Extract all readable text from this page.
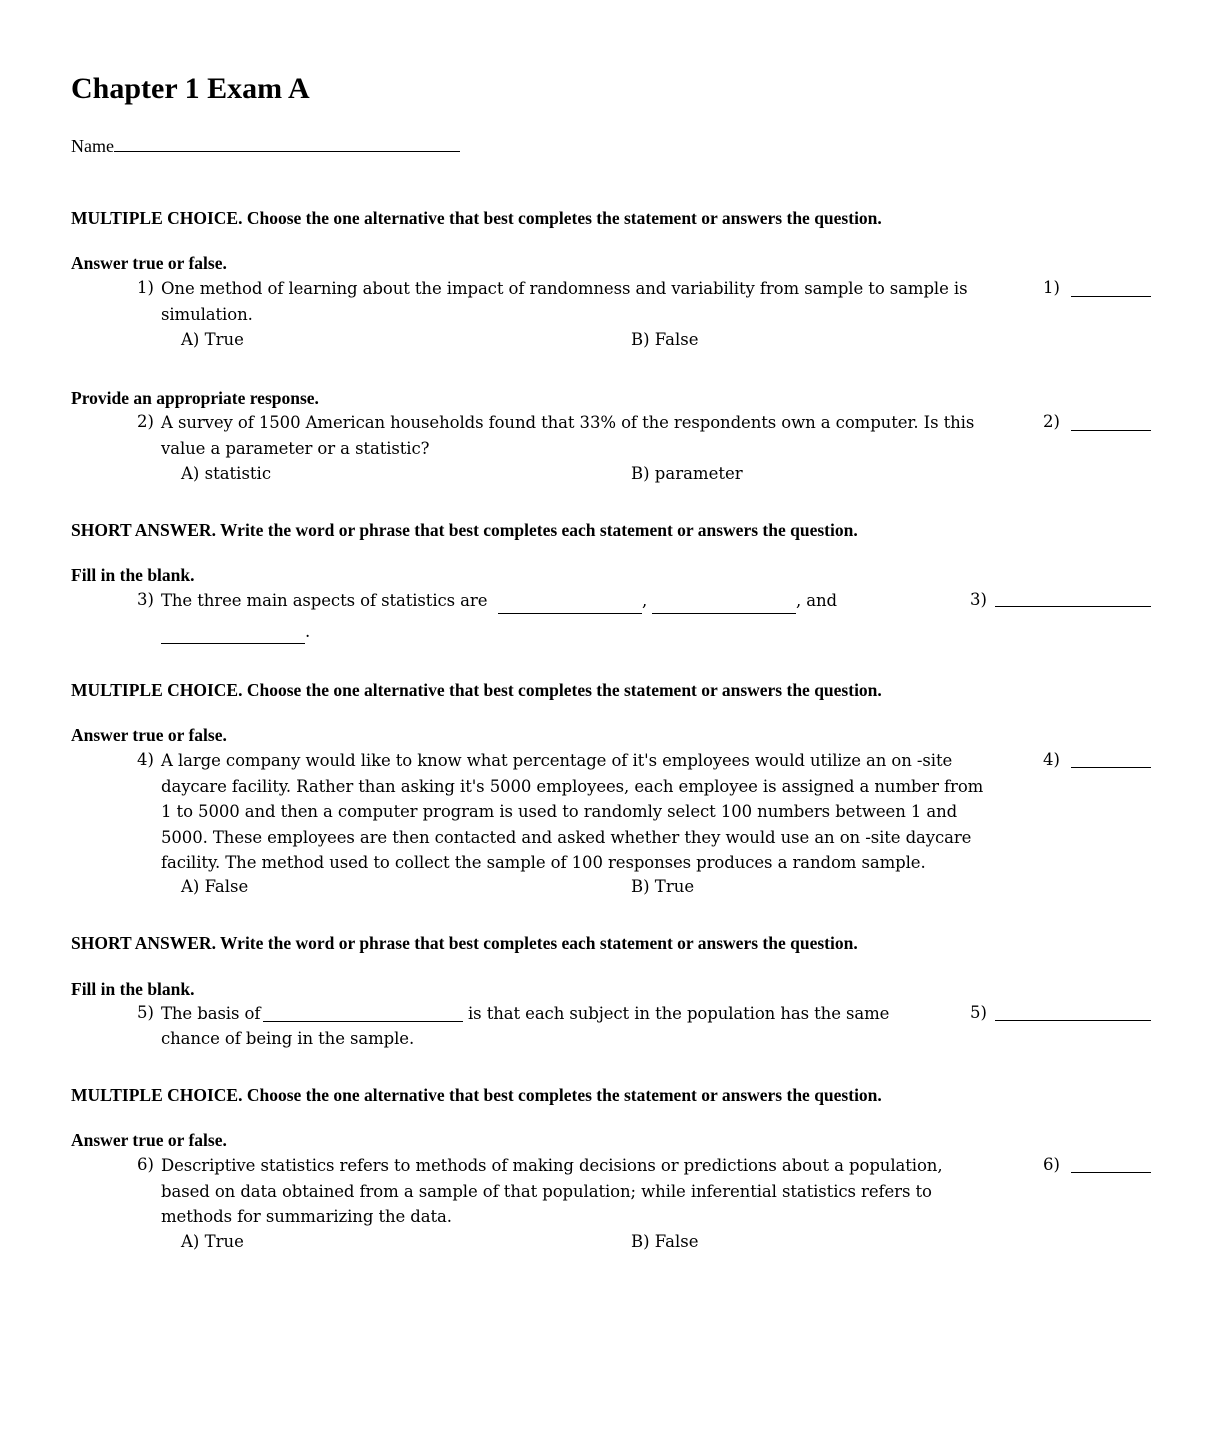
Chapter 1 Exam A
Name
MULTIPLE CHOICE. Choose the one alternative that best completes the statement or answers the question.
Answer true or false.
1) One method of learning about the impact of randomness and variability from sample to sample is
simulation.
A) True	B) False
1)
Provide an appropriate response.
2) A survey of 1500 American households found that 33% of the respondents own a computer. Is this
value a parameter or a statistic?
A) statistic	B) parameter
2)
SHORT ANSWER. Write the word or phrase that best completes each statement or answers the question.
Fill in the blank.
3) The three main aspects of statistics are	,	, and
.
3)
MULTIPLE CHOICE. Choose the one alternative that best completes the statement or answers the question.
Answer true or false.
4) A large company would like to know what percentage of it's employees would utilize an on -site
daycare facility. Rather than asking it's 5000 employees, each employee is assigned a number from
1 to 5000 and then a computer program is used to randomly select 100 numbers between 1 and
5000. These employees are then contacted and asked whether they would use an on -site daycare
facility. The method used to collect the sample of 100 responses produces a random sample.
A) False	B) True
4)
SHORT ANSWER. Write the word or phrase that best completes each statement or answers the question.
Fill in the blank.
5) The basis of	is that each subject in the population has the same
chance of being in the sample.
5)
MULTIPLE CHOICE. Choose the one alternative that best completes the statement or answers the question.
Answer true or false.
6) Descriptive statistics refers to methods of making decisions or predictions about a population,
based on data obtained from a sample of that population; while inferential statistics refers to
methods for summarizing the data.
A) True	B) False
6)
